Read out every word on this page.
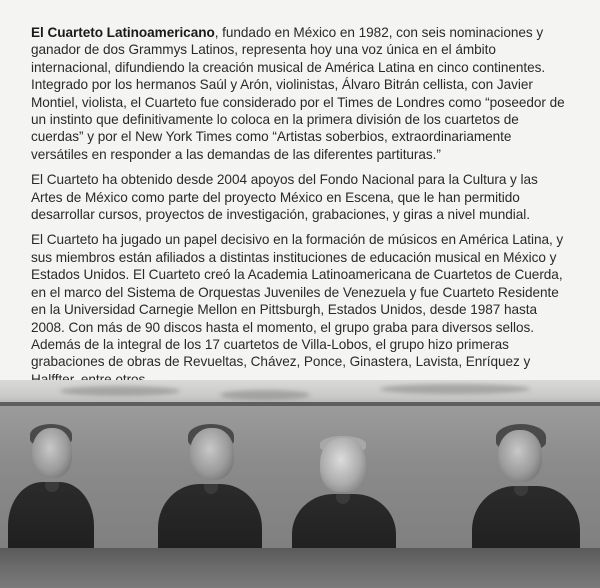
El Cuarteto Latinoamericano, fundado en México en 1982, con seis nominaciones y ganador de dos Grammys Latinos, representa hoy una voz única en el ámbito internacional, difundiendo la creación musical de América Latina en cinco continentes. Integrado por los hermanos Saúl y Arón, violinistas, Álvaro Bitrán cellista, con Javier Montiel, violista, el Cuarteto fue considerado por el Times de Londres como “poseedor de un instinto que definitivamente lo coloca en la primera división de los cuartetos de cuerdas” y por el New York Times como “Artistas soberbios, extraordinariamente versátiles en responder a las demandas de las diferentes partituras.”

El Cuarteto ha obtenido desde 2004 apoyos del Fondo Nacional para la Cultura y las Artes de México como parte del proyecto México en Escena, que le han permitido desarrollar cursos, proyectos de investigación, grabaciones, y giras a nivel mundial.

El Cuarteto ha jugado un papel decisivo en la formación de músicos en América Latina, y sus miembros están afiliados a distintas instituciones de educación musical en México y Estados Unidos. El Cuarteto creó la Academia Latinoamericana de Cuartetos de Cuerda, en el marco del Sistema de Orquestas Juveniles de Venezuela y fue Cuarteto Residente en la Universidad Carnegie Mellon en Pittsburgh, Estados Unidos, desde 1987 hasta 2008. Con más de 90 discos hasta el momento, el grupo graba para diversos sellos. Además de la integral de los 17 cuartetos de Villa-Lobos, el grupo hizo primeras grabaciones de obras de Revueltas, Chávez, Ponce, Ginastera, Lavista, Enríquez y
